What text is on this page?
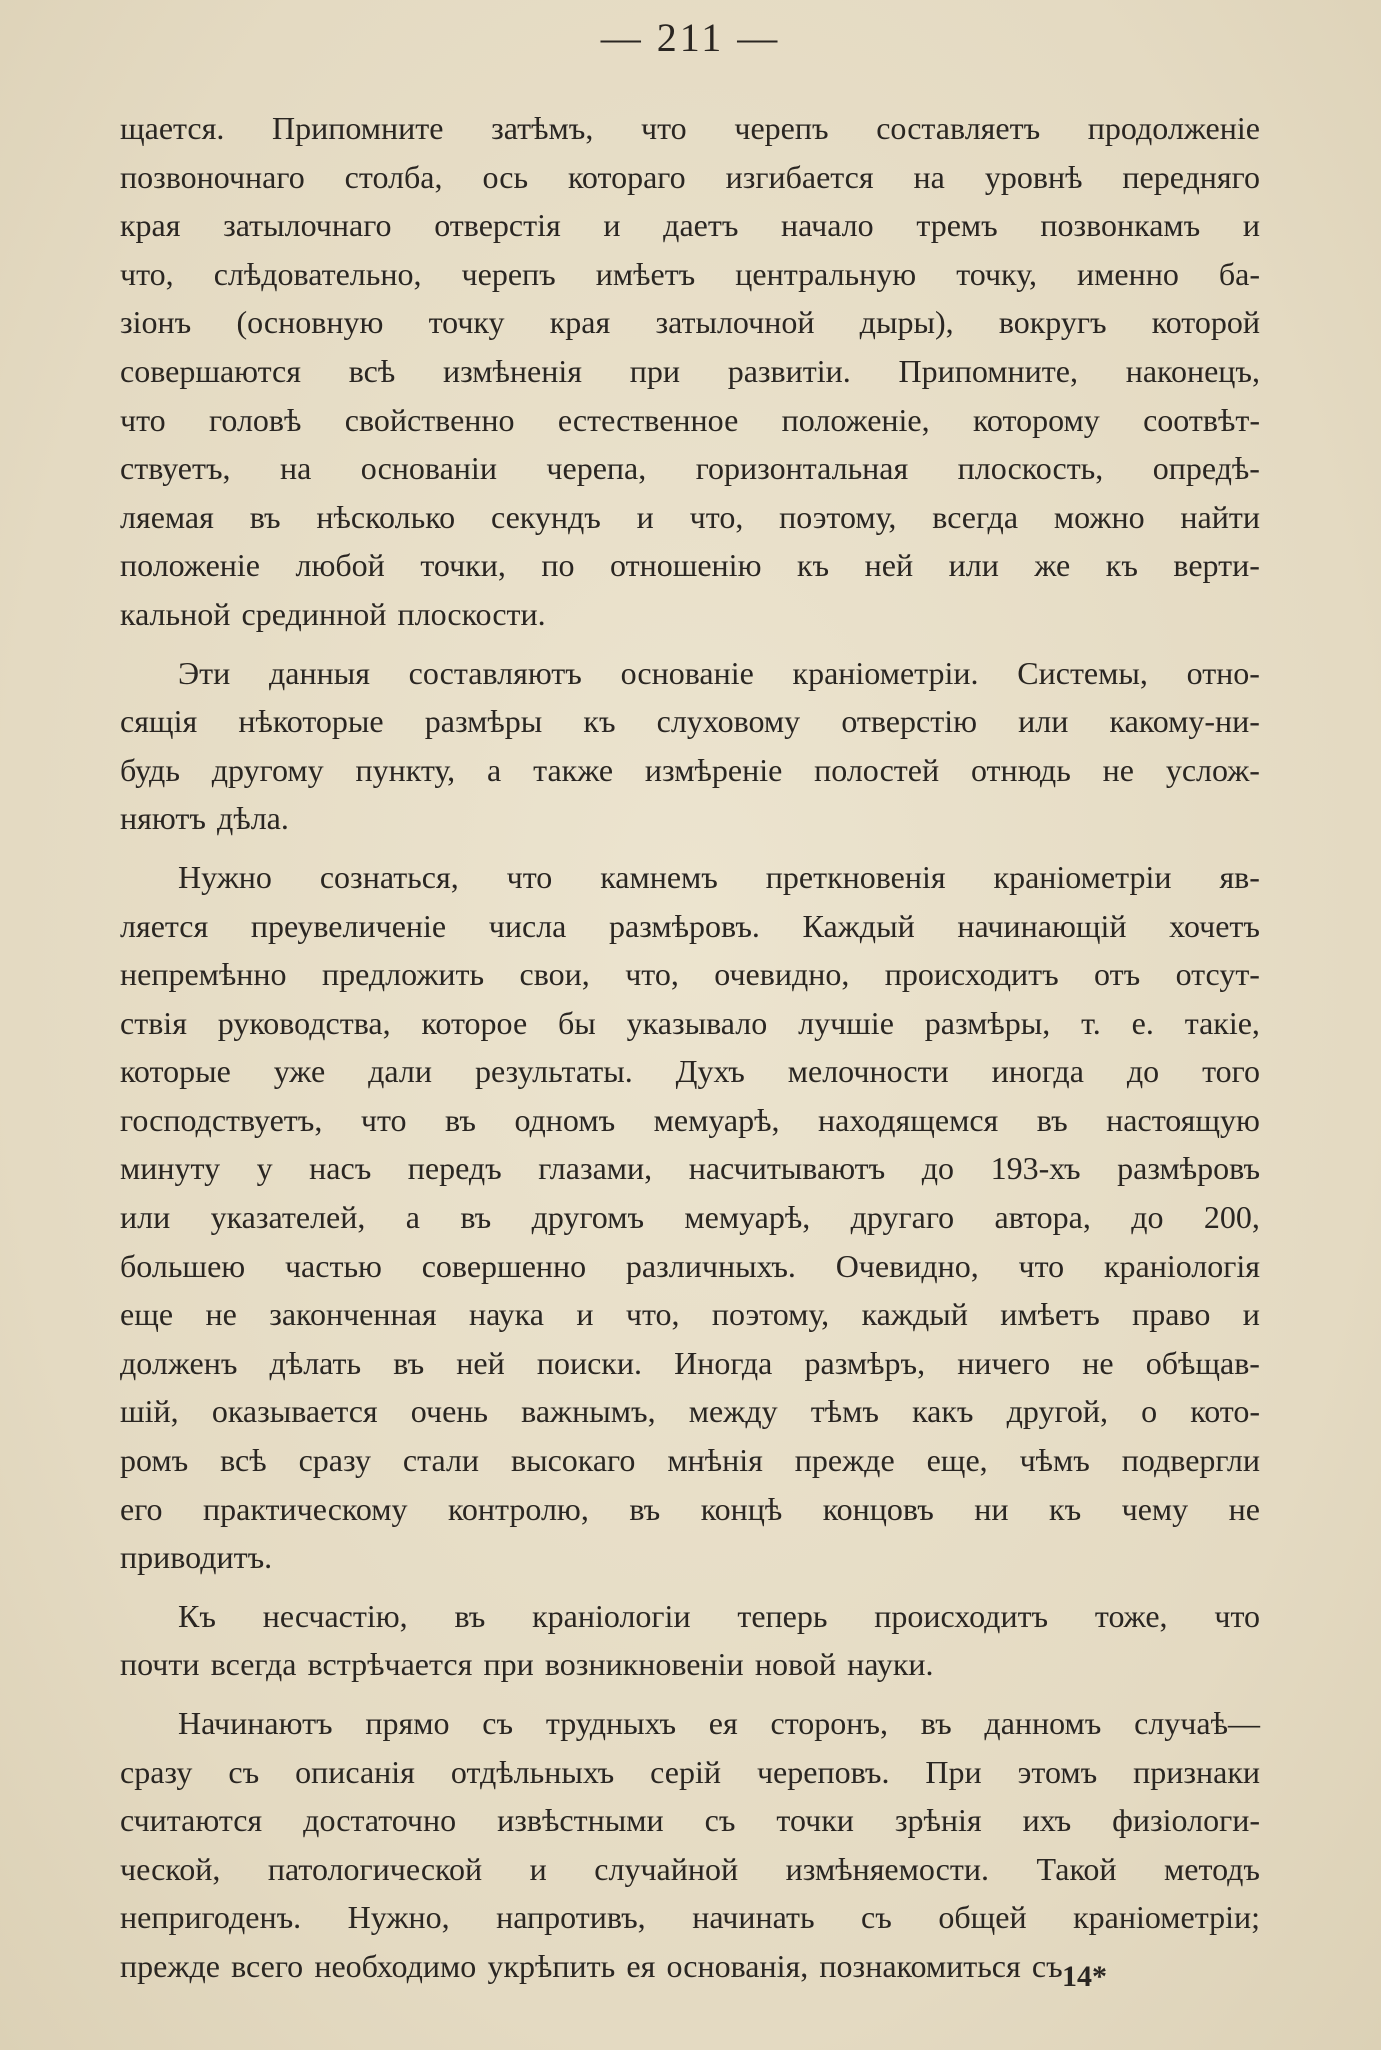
— 211 —
щается. Припомните затѣмъ, что черепъ составляетъ продолженіе
позвоночнаго столба, ось котораго изгибается на уровнѣ передняго
края затылочнаго отверстія и даетъ начало тремъ позвонкамъ и
что, слѣдовательно, черепъ имѣетъ центральную точку, именно ба-
зіонъ (основную точку края затылочной дыры), вокругъ которой
совершаются всѣ измѣненія при развитіи. Припомните, наконецъ,
что головѣ свойственно естественное положеніе, которому соотвѣт-
ствуетъ, на основаніи черепа, горизонтальная плоскость, опредѣ-
ляемая въ нѣсколько секундъ и что, поэтому, всегда можно найти
положеніе любой точки, по отношенію къ ней или же къ верти-
кальной срединной плоскости.
Эти данныя составляютъ основаніе краніометріи. Системы, отно-
сящія нѣкоторые размѣры къ слуховому отверстію или какому-ни-
будь другому пункту, а также измѣреніе полостей отнюдь не услож-
няютъ дѣла.
Нужно сознаться, что камнемъ преткновенія краніометріи яв-
ляется преувеличеніе числа размѣровъ. Каждый начинающій хочетъ
непремѣнно предложить свои, что, очевидно, происходитъ отъ отсут-
ствія руководства, которое бы указывало лучшіе размѣры, т. е. такіе,
которые уже дали результаты. Духъ мелочности иногда до того
господствуетъ, что въ одномъ мемуарѣ, находящемся въ настоящую
минуту у насъ передъ глазами, насчитываютъ до 193-хъ размѣровъ
или указателей, а въ другомъ мемуарѣ, другаго автора, до 200,
большею частью совершенно различныхъ. Очевидно, что краніологія
еще не законченная наука и что, поэтому, каждый имѣетъ право и
долженъ дѣлать въ ней поиски. Иногда размѣръ, ничего не обѣщав-
шій, оказывается очень важнымъ, между тѣмъ какъ другой, о кото-
ромъ всѣ сразу стали высокаго мнѣнія прежде еще, чѣмъ подвергли
его практическому контролю, въ концѣ концовъ ни къ чему не
приводитъ.
Къ несчастію, въ краніологіи теперь происходитъ тоже, что
почти всегда встрѣчается при возникновеніи новой науки.
Начинаютъ прямо съ трудныхъ ея сторонъ, въ данномъ случаѣ—
сразу съ описанія отдѣльныхъ серій череповъ. При этомъ признаки
считаются достаточно извѣстными съ точки зрѣнія ихъ физіологи-
ческой, патологической и случайной измѣняемости. Такой методъ
непригоденъ. Нужно, напротивъ, начинать съ общей краніометріи;
прежде всего необходимо укрѣпить ея основанія, познакомиться съ 14*
